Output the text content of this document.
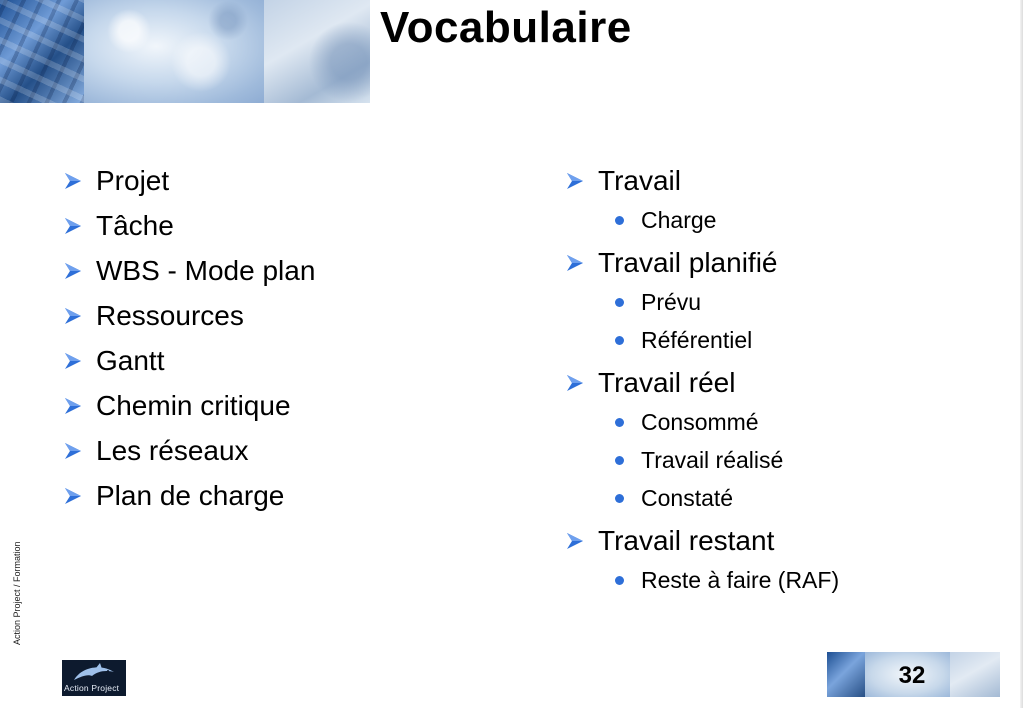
Vocabulaire
Projet
Tâche
WBS - Mode plan
Ressources
Gantt
Chemin critique
Les réseaux
Plan de charge
Travail
Charge
Travail planifié
Prévu
Référentiel
Travail réel
Consommé
Travail réalisé
Constaté
Travail restant
Reste à faire (RAF)
Action Project / Formation
Action Project	32
